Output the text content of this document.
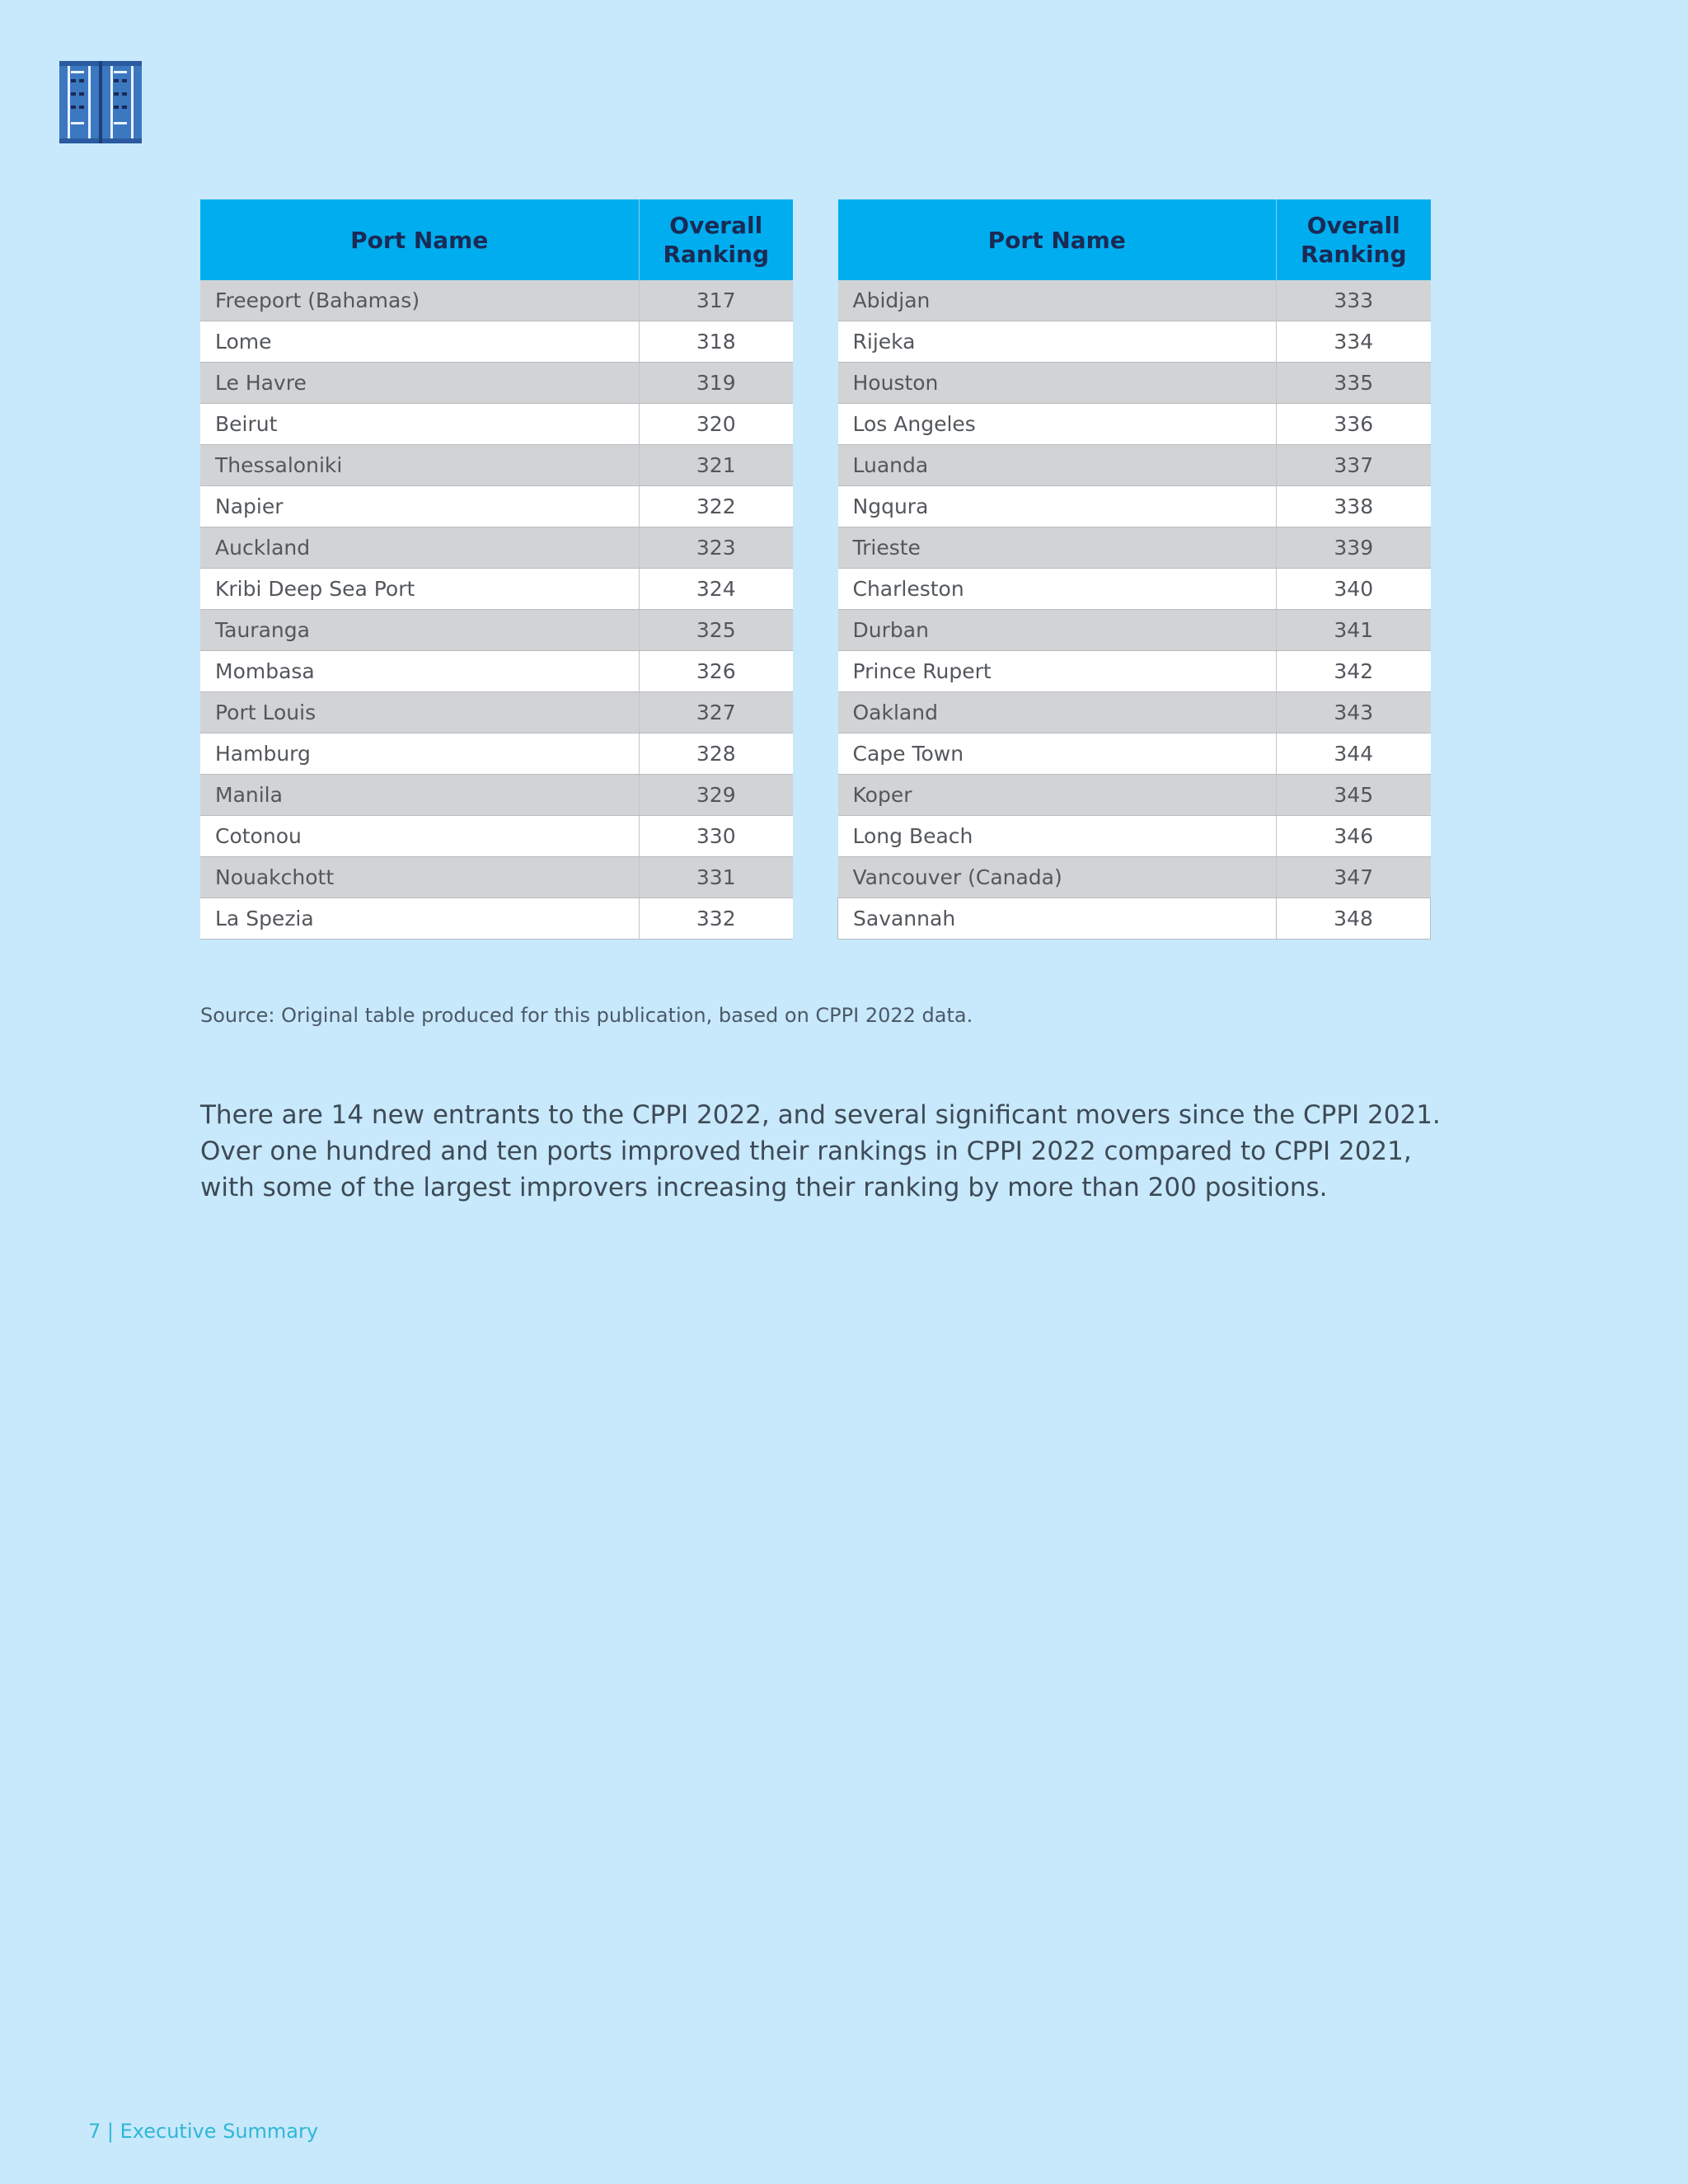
Port Name	Overall
Ranking
Freeport (Bahamas)	317
Lome	318
Le Havre	319
Beirut	320
Thessaloniki	321
Napier	322
Auckland	323
Kribi Deep Sea Port	324
Tauranga	325
Mombasa	326
Port Louis	327
Hamburg	328
Manila	329
Cotonou	330
Nouakchott	331
La Spezia	332
Port Name	Overall
Ranking
Abidjan	333
Rijeka	334
Houston	335
Los Angeles	336
Luanda	337
Ngqura	338
Trieste	339
Charleston	340
Durban	341
Prince Rupert	342
Oakland	343
Cape Town	344
Koper	345
Long Beach	346
Vancouver (Canada)	347
Savannah	348
Source: Original table produced for this publication, based on CPPI 2022 data.

There are 14 new entrants to the CPPI 2022, and several significant movers since the CPPI 2021. Over one hundred and ten ports improved their rankings in CPPI 2022 compared to CPPI 2021, with some of the largest improvers increasing their ranking by more than 200 positions.

7 | Executive Summary
